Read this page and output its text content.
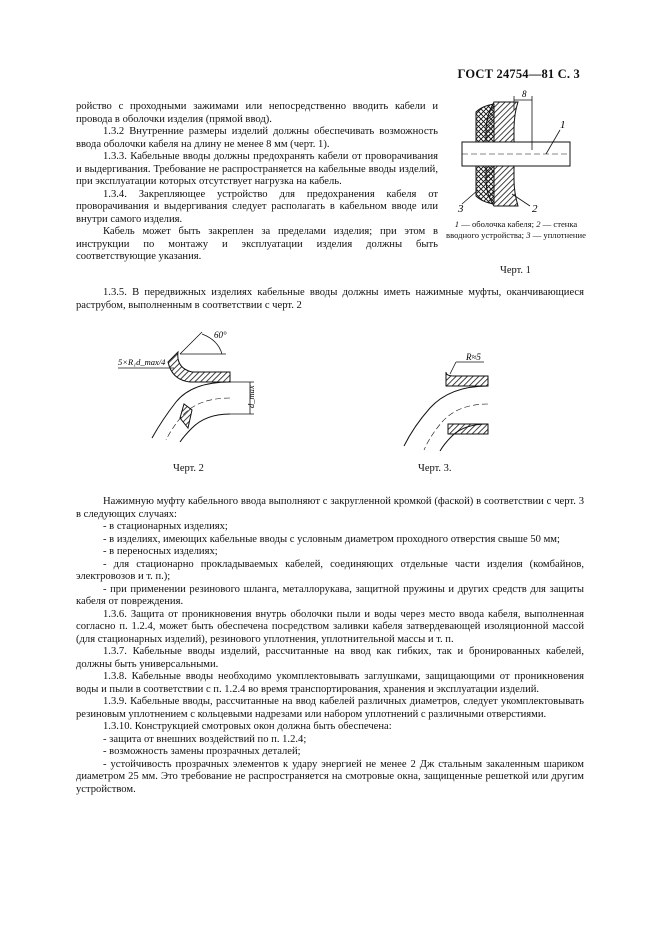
ГОСТ 24754—81 С. 3

ройство с проходными зажимами или непосредственно вводить кабели и провода в оболочки изделия (прямой ввод).

1.3.2 Внутренние размеры изделий должны обеспечивать возможность ввода оболочки кабеля на длину не менее 8 мм (черт. 1).

1.3.3. Кабельные вводы должны предохранять кабели от проворачивания и выдергивания. Требование не распространяется на кабельные вводы изделий, при эксплуатации которых отсутствует нагрузка на кабель.

1.3.4. Закрепляющее устройство для предохранения кабеля от проворачивания и выдергивания следует располагать в кабельном вводе или внутри самого изделия.

Кабель может быть закреплен за пределами изделия; при этом в инструкции по монтажу и эксплуатации изделия должны быть соответствующие указания.

8
1
2
3
1 — оболочка кабеля; 2 — стенка вводного устройства; 3 — уплотнение
Черт. 1

1.3.5. В передвижных изделиях кабельные вводы должны иметь нажимные муфты, оканчивающиеся раструбом, выполненным в соответствии с черт. 2

60°
5×R₁d_max/4
d_max
Черт. 2
R≈5
Черт. 3.

Нажимную муфту кабельного ввода выполняют с закругленной кромкой (фаской) в соответствии с черт. 3 в следующих случаях:

- в стационарных изделиях;

- в изделиях, имеющих кабельные вводы с условным диаметром проходного отверстия свыше 50 мм;

- в переносных изделиях;

- для стационарно прокладываемых кабелей, соединяющих отдельные части изделия (комбайнов, электровозов и т. п.);

- при применении резинового шланга, металлорукава, защитной пружины и других средств для защиты кабеля от повреждения.

1.3.6. Защита от проникновения внутрь оболочки пыли и воды через место ввода кабеля, выполненная согласно п. 1.2.4, может быть обеспечена посредством заливки кабеля затвердевающей изоляционной массой (для стационарных изделий), резинового уплотнения, уплотнительной массы и т. п.

1.3.7. Кабельные вводы изделий, рассчитанные на ввод как гибких, так и бронированных кабелей, должны быть универсальными.

1.3.8. Кабельные вводы необходимо укомплектовывать заглушками, защищающими от проникновения воды и пыли в соответствии с п. 1.2.4 во время транспортирования, хранения и эксплуатации изделий.

1.3.9. Кабельные вводы, рассчитанные на ввод кабелей различных диаметров, следует укомплектовывать резиновым уплотнением с кольцевыми надрезами или набором уплотнений с различными отверстиями.

1.3.10. Конструкцией смотровых окон должна быть обеспечена:

- защита от внешних воздействий по п. 1.2.4;

- возможность замены прозрачных деталей;

- устойчивость прозрачных элементов к удару энергией не менее 2 Дж стальным закаленным шариком диаметром 25 мм. Это требование не распространяется на смотровые окна, защищенные решеткой или другим устройством.
